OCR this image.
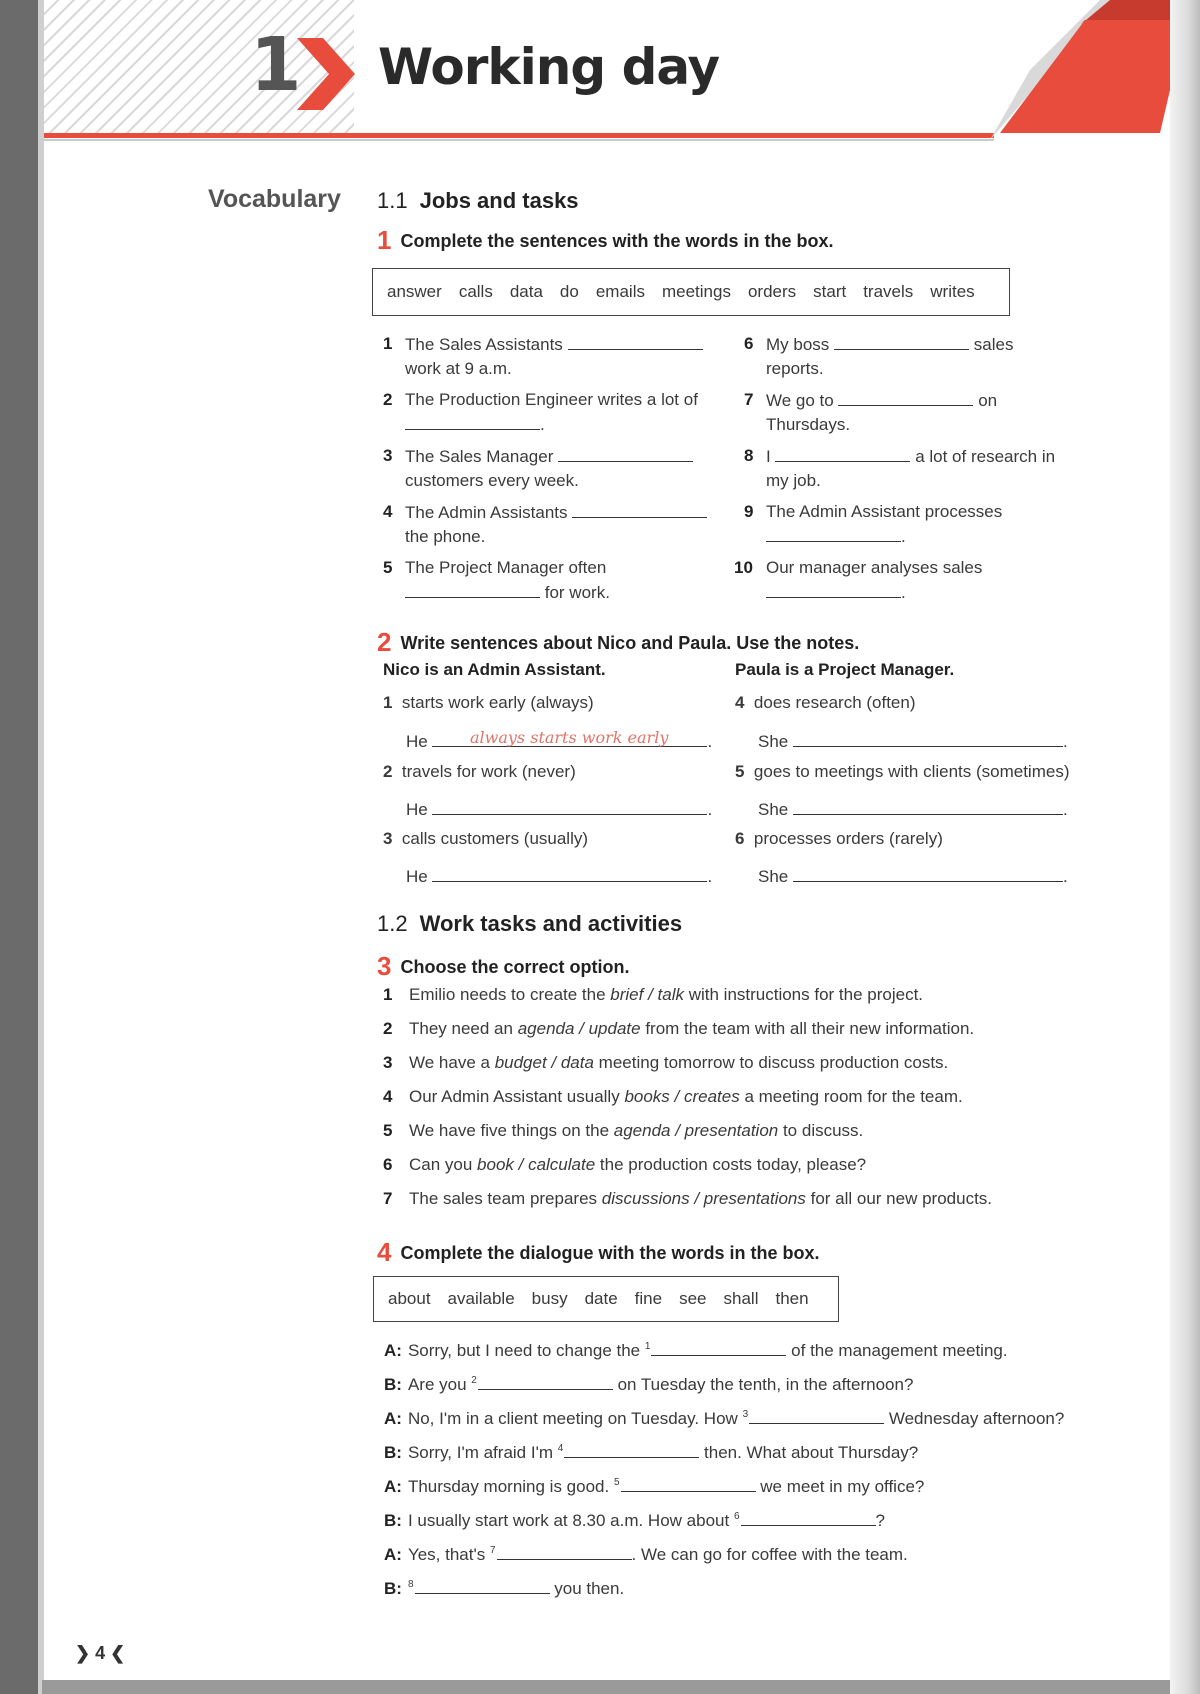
1 Working day
Vocabulary 1.1 Jobs and tasks
1 Complete the sentences with the words in the box.
answer calls data do emails meetings orders start travels writes
1 The Sales Assistants
work at 9 a.m.
2 The Production Engineer writes a lot of
.
3 The Sales Manager
customers every week.
4 The Admin Assistants
the phone.
5 The Project Manager often
for work.
6 My boss	sales
reports.
7 We go to	on
Thursdays.
8 I	a lot of research in
my job.
9 The Admin Assistant processes
.
10 Our manager analyses sales
.
2 Write sentences about Nico and Paula. Use the notes.
Nico is an Admin Assistant.	Paula is a Project Manager.
1 starts work early (always)
He	.
always starts work early
2 travels for work (never)
He	.
3 calls customers (usually)
He	.
4 does research (often)
She	.
5 goes to meetings with clients (sometimes)
She	.
6 processes orders (rarely)
She	.
1.2 Work tasks and activities
3 Choose the correct option.
1 Emilio needs to create the brief / talk with instructions for the project.
2 They need an agenda / update from the team with all their new information.
3 We have a budget / data meeting tomorrow to discuss production costs.
4 Our Admin Assistant usually books / creates a meeting room for the team.
5 We have five things on the agenda / presentation to discuss.
6 Can you book / calculate the production costs today, please?
7 The sales team prepares discussions / presentations for all our new products.
4 Complete the dialogue with the words in the box.
about available busy date fine see shall then
A: Sorry, but I need to change the $^1$	of the management meeting.
B: Are you $^2$	on Tuesday the tenth, in the afternoon?
A: No, I'm in a client meeting on Tuesday. How $^3$	Wednesday afternoon?
B: Sorry, I'm afraid I'm $^4$	then. What about Thursday?
A: Thursday morning is good. $^5$	we meet in my office?
B: I usually start work at 8.30 a.m. How about $^6$	?
A: Yes, that's $^7$	. We can go for coffee with the team.
B: $^8$	you then.
❯ 4 ❮
